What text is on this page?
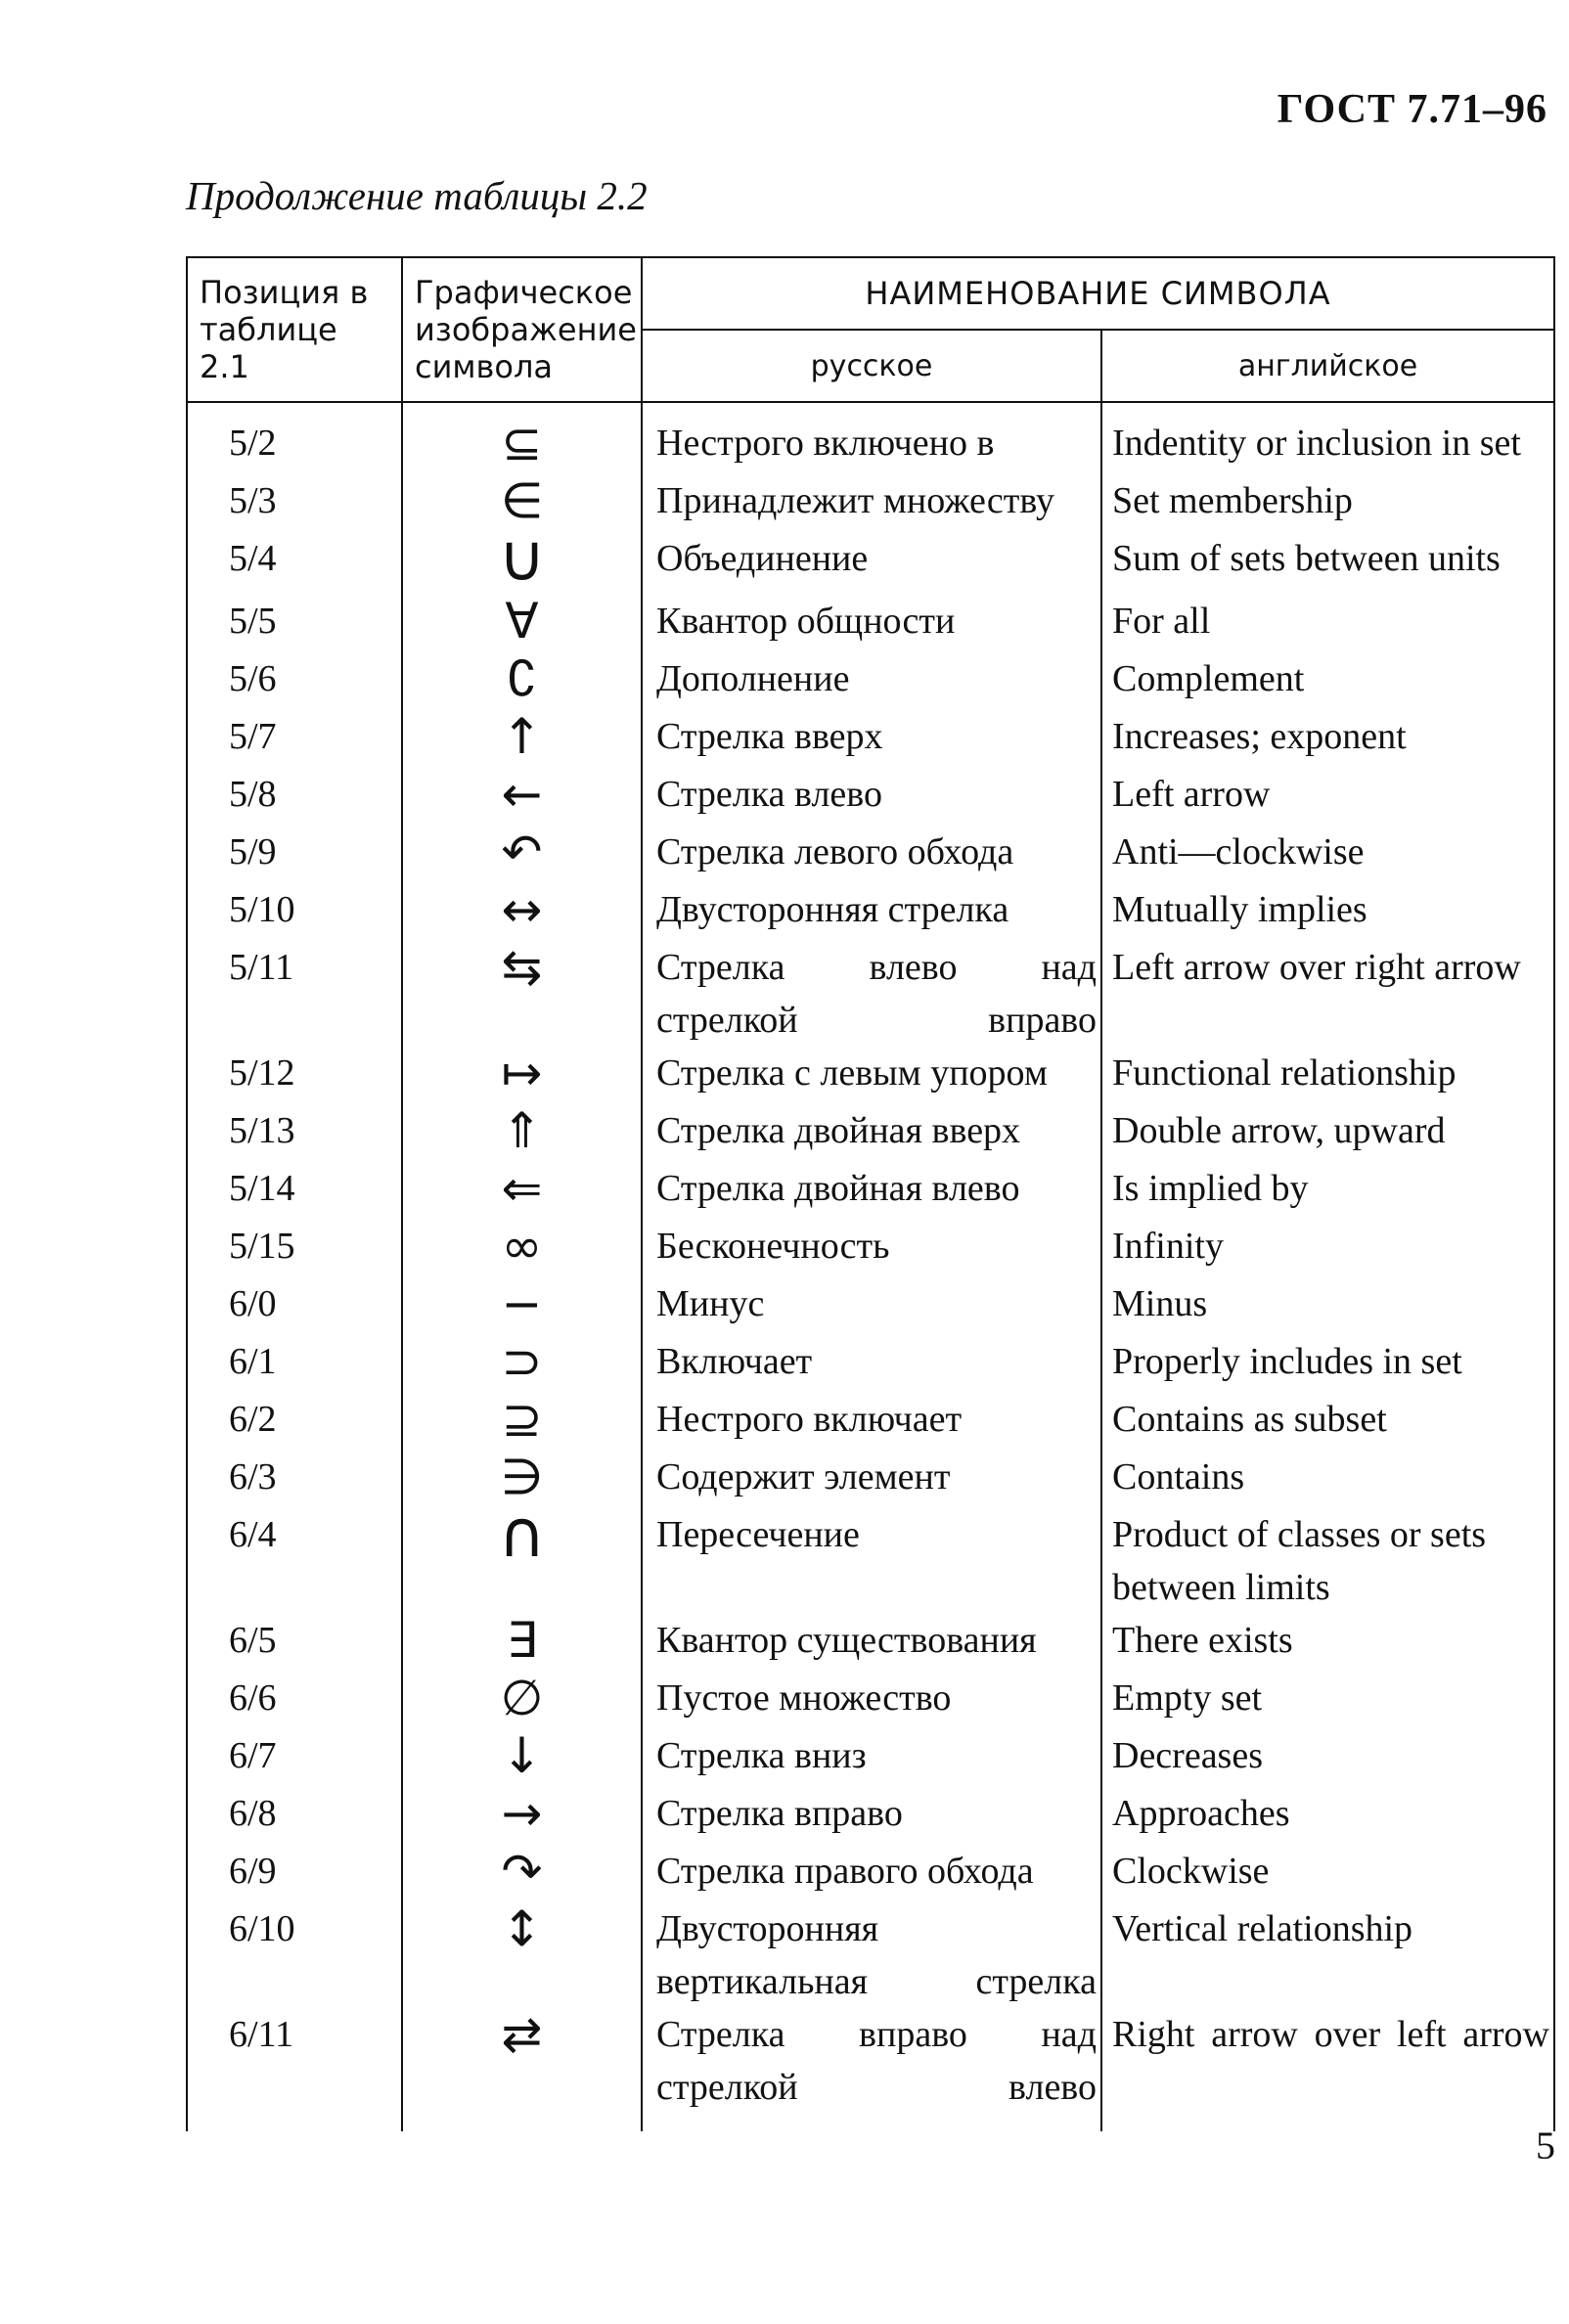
ГОСТ 7.71–96
Продолжение таблицы 2.2
Позиция в таблице 2.1	Графическое изображение символа	НАИМЕНОВАНИЕ СИМВОЛА	
		русское	английское
5/2	⊆	Нестрого включено в	Indentity or inclusion in set
5/3	∈	Принадлежит множеству	Set membership
5/4	∪	Объединение	Sum of sets between units
5/5	∀	Квантор общности	For all
5/6	∁	Дополнение	Complement
5/7	↑	Стрелка вверх	Increases; exponent
5/8	←	Стрелка влево	Left arrow
5/9	↶	Стрелка левого обхода	Anti—clockwise
5/10	↔	Двусторонняя стрелка	Mutually implies
5/11	⇆	Стрелка влево над стрелкой вправо	Left arrow over right arrow
5/12	↦	Стрелка с левым упором	Functional relationship
5/13	⇑	Стрелка двойная вверх	Double arrow, upward
5/14	⇐	Стрелка двойная влево	Is implied by
5/15	∞	Бесконечность	Infinity
6/0	−	Минус	Minus
6/1	⊃	Включает	Properly includes in set
6/2	⊇	Нестрого включает	Contains as subset
6/3	∋	Содержит элемент	Contains
6/4	∩	Пересечение	Product of classes or sets between limits
6/5	∃	Квантор существования	There exists
6/6	∅	Пустое множество	Empty set
6/7	↓	Стрелка вниз	Decreases
6/8	→	Стрелка вправо	Approaches
6/9	↷	Стрелка правого обхода	Clockwise
6/10	↕	Двусторонняя вертикальная стрелка	Vertical relationship
6/11	⇄	Стрелка вправо над стрелкой влево	Right arrow over left arrow
5
